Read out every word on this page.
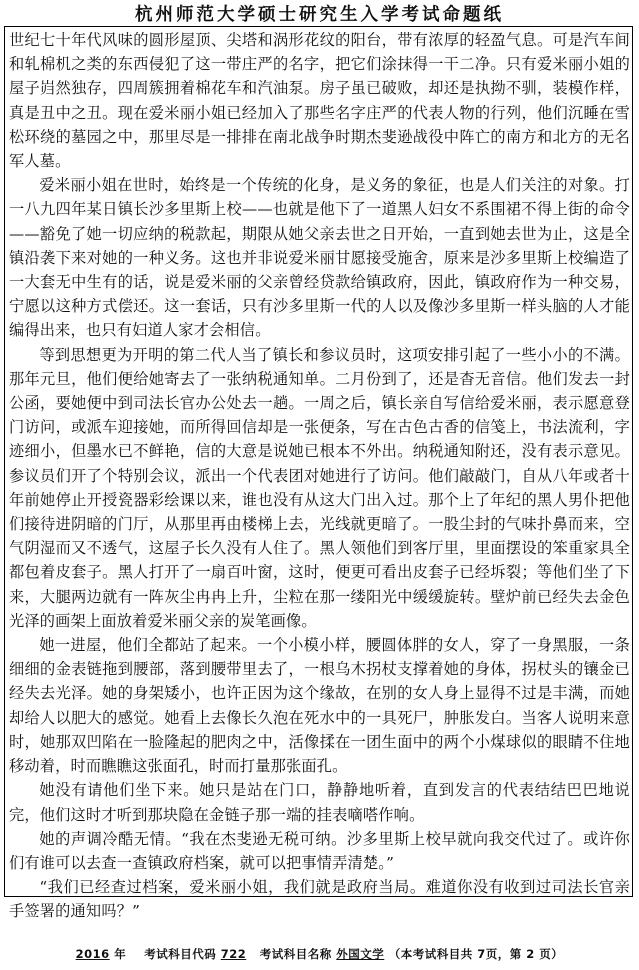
杭州师范大学硕士研究生入学考试命题纸

世纪七十年代风味的圆形屋顶、尖塔和涡形花纹的阳台，带有浓厚的轻盈气息。可是汽车间和轧棉机之类的东西侵犯了这一带庄严的名字，把它们涂抹得一干二净。只有爱米丽小姐的屋子岿然独存，四周簇拥着棉花车和汽油泵。房子虽已破败，却还是执拗不驯，装模作样，真是丑中之丑。现在爱米丽小姐已经加入了那些名字庄严的代表人物的行列，他们沉睡在雪松环绕的墓园之中，那里尽是一排排在南北战争时期杰斐逊战役中阵亡的南方和北方的无名军人墓。

爱米丽小姐在世时，始终是一个传统的化身，是义务的象征，也是人们关注的对象。打一八九四年某日镇长沙多里斯上校——也就是他下了一道黑人妇女不系围裙不得上街的命令——豁免了她一切应纳的税款起，期限从她父亲去世之日开始，一直到她去世为止，这是全镇沿袭下来对她的一种义务。这也并非说爱米丽甘愿接受施舍，原来是沙多里斯上校编造了一大套无中生有的话，说是爱米丽的父亲曾经贷款给镇政府，因此，镇政府作为一种交易，宁愿以这种方式偿还。这一套话，只有沙多里斯一代的人以及像沙多里斯一样头脑的人才能编得出来，也只有妇道人家才会相信。

等到思想更为开明的第二代人当了镇长和参议员时，这项安排引起了一些小小的不满。那年元旦，他们便给她寄去了一张纳税通知单。二月份到了，还是杳无音信。他们发去一封公函，要她便中到司法长官办公处去一趟。一周之后，镇长亲自写信给爱米丽，表示愿意登门访问，或派车迎接她，而所得回信却是一张便条，写在古色古香的信笺上，书法流利，字迹细小，但墨水已不鲜艳，信的大意是说她已根本不外出。纳税通知附还，没有表示意见。参议员们开了个特别会议，派出一个代表团对她进行了访问。他们敲敲门，自从八年或者十年前她停止开授瓷器彩绘课以来，谁也没有从这大门出入过。那个上了年纪的黑人男仆把他们接待进阴暗的门厅，从那里再由楼梯上去，光线就更暗了。一股尘封的气味扑鼻而来，空气阴湿而又不透气，这屋子长久没有人住了。黑人领他们到客厅里，里面摆设的笨重家具全都包着皮套子。黑人打开了一扇百叶窗，这时，便更可看出皮套子已经坼裂；等他们坐了下来，大腿两边就有一阵灰尘冉冉上升，尘粒在那一缕阳光中缓缓旋转。壁炉前已经失去金色光泽的画架上面放着爱米丽父亲的炭笔画像。

她一进屋，他们全都站了起来。一个小模小样，腰圆体胖的女人，穿了一身黑服，一条细细的金表链拖到腰部，落到腰带里去了，一根乌木拐杖支撑着她的身体，拐杖头的镶金已经失去光泽。她的身架矮小，也许正因为这个缘故，在别的女人身上显得不过是丰满，而她却给人以肥大的感觉。她看上去像长久泡在死水中的一具死尸，肿胀发白。当客人说明来意时，她那双凹陷在一脸隆起的肥肉之中，活像揉在一团生面中的两个小煤球似的眼睛不住地移动着，时而瞧瞧这张面孔，时而打量那张面孔。

她没有请他们坐下来。她只是站在门口，静静地听着，直到发言的代表结结巴巴地说完，他们这时才听到那块隐在金链子那一端的挂表嘀嗒作响。

她的声调冷酷无情。“我在杰斐逊无税可纳。沙多里斯上校早就向我交代过了。或许你们有谁可以去查一查镇政府档案，就可以把事情弄清楚。”

“我们已经查过档案，爱米丽小姐，我们就是政府当局。难道你没有收到过司法长官亲手签署的通知吗？”

2016 年 考试科目代码 722 考试科目名称 外国文学 （本考试科目共 7页，第 2 页）
